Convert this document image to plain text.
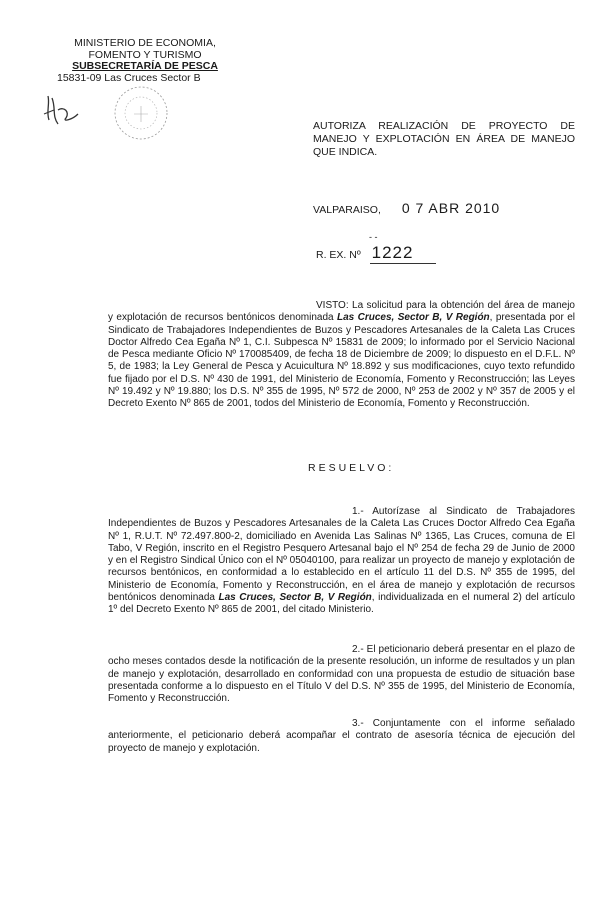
MINISTERIO DE ECONOMIA,
FOMENTO Y TURISMO
SUBSECRETARÍA DE PESCA
15831-09 Las Cruces Sector B
AUTORIZA REALIZACIÓN DE PROYECTO DE MANEJO Y EXPLOTACIÓN EN ÁREA DE MANEJO QUE INDICA.
VALPARAISO, 0 7 ABR 2010
- -
R. EX. Nº 1222
VISTO: La solicitud para la obtención del área de manejo y explotación de recursos bentónicos denominada Las Cruces, Sector B, V Región, presentada por el Sindicato de Trabajadores Independientes de Buzos y Pescadores Artesanales de la Caleta Las Cruces Doctor Alfredo Cea Egaña Nº 1, C.I. Subpesca Nº 15831 de 2009; lo informado por el Servicio Nacional de Pesca mediante Oficio Nº 170085409, de fecha 18 de Diciembre de 2009; lo dispuesto en el D.F.L. Nº 5, de 1983; la Ley General de Pesca y Acuicultura Nº 18.892 y sus modificaciones, cuyo texto refundido fue fijado por el D.S. Nº 430 de 1991, del Ministerio de Economía, Fomento y Reconstrucción; las Leyes Nº 19.492 y Nº 19.880; los D.S. Nº 355 de 1995, Nº 572 de 2000, Nº 253 de 2002 y Nº 357 de 2005 y el Decreto Exento Nº 865 de 2001, todos del Ministerio de Economía, Fomento y Reconstrucción.
RESUELVO:
1.- Autorízase al Sindicato de Trabajadores Independientes de Buzos y Pescadores Artesanales de la Caleta Las Cruces Doctor Alfredo Cea Egaña Nº 1, R.U.T. Nº 72.497.800-2, domiciliado en Avenida Las Salinas Nº 1365, Las Cruces, comuna de El Tabo, V Región, inscrito en el Registro Pesquero Artesanal bajo el Nº 254 de fecha 29 de Junio de 2000 y en el Registro Sindical Único con el Nº 05040100, para realizar un proyecto de manejo y explotación de recursos bentónicos, en conformidad a lo establecido en el artículo 11 del D.S. Nº 355 de 1995, del Ministerio de Economía, Fomento y Reconstrucción, en el área de manejo y explotación de recursos bentónicos denominada Las Cruces, Sector B, V Región, individualizada en el numeral 2) del artículo 1º del Decreto Exento Nº 865 de 2001, del citado Ministerio.
2.- El peticionario deberá presentar en el plazo de ocho meses contados desde la notificación de la presente resolución, un informe de resultados y un plan de manejo y explotación, desarrollado en conformidad con una propuesta de estudio de situación base presentada conforme a lo dispuesto en el Título V del D.S. Nº 355 de 1995, del Ministerio de Economía, Fomento y Reconstrucción.
3.- Conjuntamente con el informe señalado anteriormente, el peticionario deberá acompañar el contrato de asesoría técnica de ejecución del proyecto de manejo y explotación.
